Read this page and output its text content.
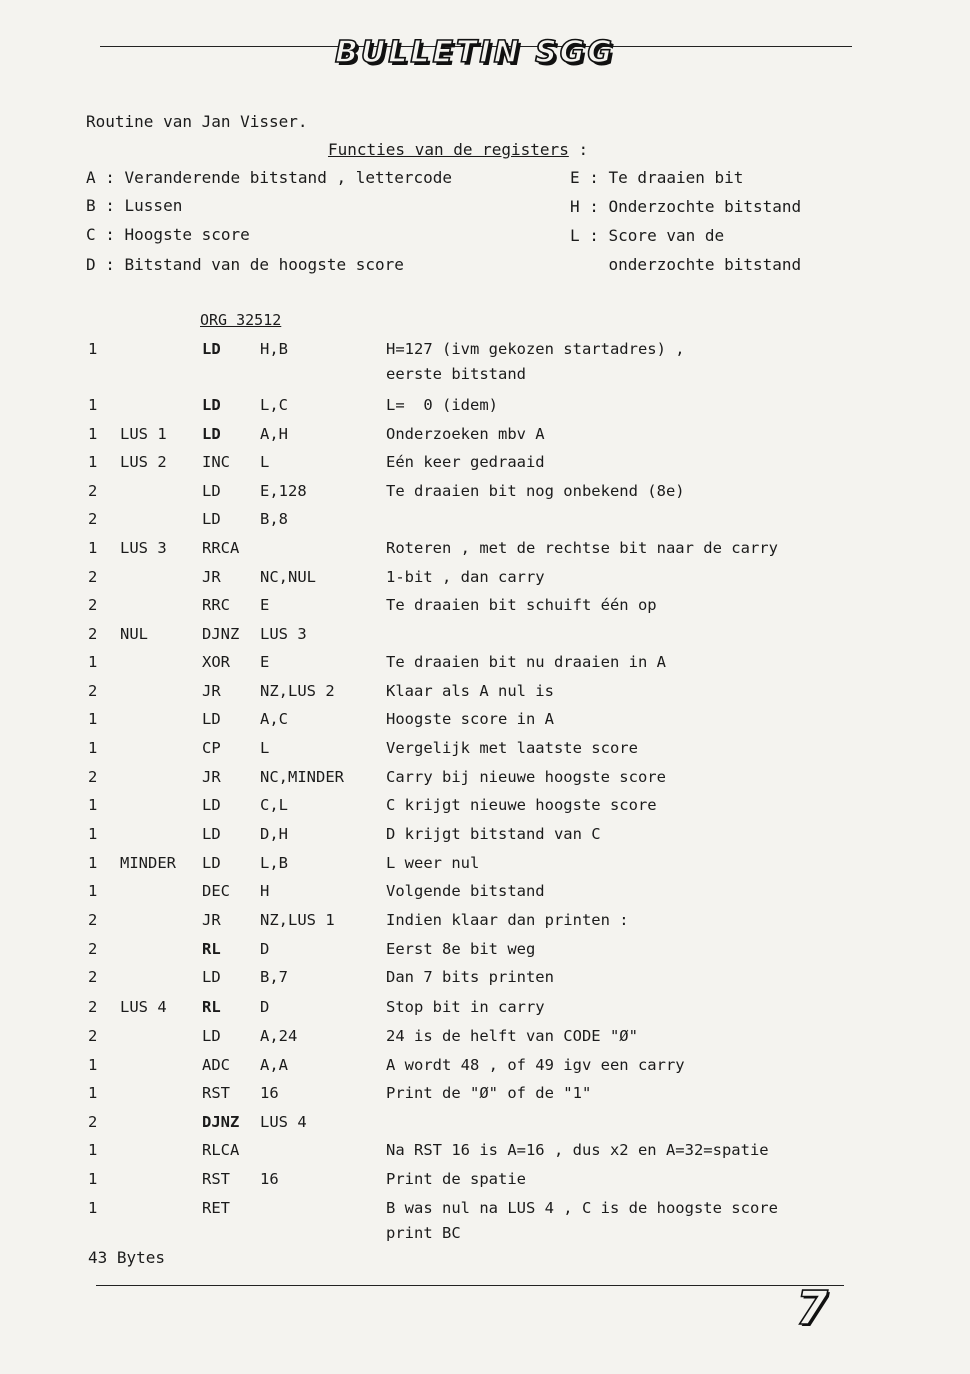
BULLETIN SGG
Routine van Jan Visser.
Functies van de registers :
A : Veranderende bitstand , lettercode
B : Lussen
C : Hoogste score
D : Bitstand van de hoogste score
E : Te draaien bit
H : Onderzochte bitstand
L : Score van de
onderzochte bitstand
ORG 32512
1	LD	H,B	H=127 (ivm gekozen startadres) ,
eerste bitstand
1	LD	L,C	L=  0 (idem)
1 LUS 1 LD	A,H	Onderzoeken mbv A
1 LUS 2 INC L	Eén keer gedraaid
2	LD	E,128	Te draaien bit nog onbekend (8e)
2	LD	B,8
1 LUS 3 RRCA	Roteren , met de rechtse bit naar de carry
2	JR	NC,NUL	1-bit , dan carry
2	RRC E	Te draaien bit schuift één op
2 NUL	DJNZ LUS 3
1	XOR E	Te draaien bit nu draaien in A
2	JR	NZ,LUS 2	Klaar als A nul is
1	LD	A,C	Hoogste score in A
1	CP	L	Vergelijk met laatste score
2	JR	NC,MINDER	Carry bij nieuwe hoogste score
1	LD	C,L	C krijgt nieuwe hoogste score
1	LD	D,H	D krijgt bitstand van C
1 MINDER LD	L,B	L weer nul
1	DEC H	Volgende bitstand
2	JR	NZ,LUS 1	Indien klaar dan printen :
2	RL	D	Eerst 8e bit weg
2	LD	B,7	Dan 7 bits printen
2 LUS 4 RL	D	Stop bit in carry
2	LD	A,24	24 is de helft van CODE "Ø"
1	ADC A,A	A wordt 48 , of 49 igv een carry
1	RST 16	Print de "Ø" of de "1"
2	DJNZ LUS 4
1	RLCA	Na RST 16 is A=16 , dus x2 en A=32=spatie
1	RST 16	Print de spatie
1	RET	B was nul na LUS 4 , C is de hoogste score
print BC
43 Bytes
7
